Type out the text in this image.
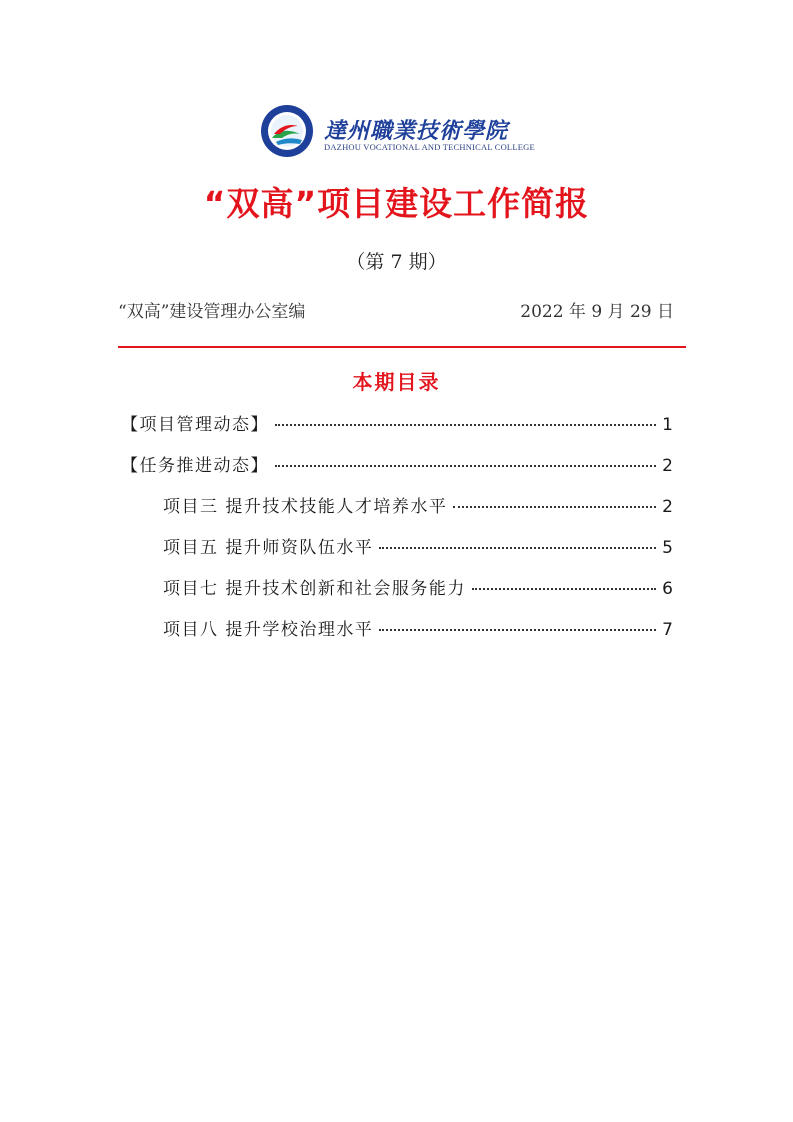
達州職業技術學院
DAZHOU VOCATIONAL AND TECHNICAL COLLEGE
“双高”项目建设工作简报
（第 7 期）
“双高”建设管理办公室编	2022 年 9 月 29 日
本期目录
【项目管理动态】	1
【任务推进动态】	2
项目三 提升技术技能人才培养水平	2
项目五 提升师资队伍水平	5
项目七 提升技术创新和社会服务能力	6
项目八 提升学校治理水平	7
